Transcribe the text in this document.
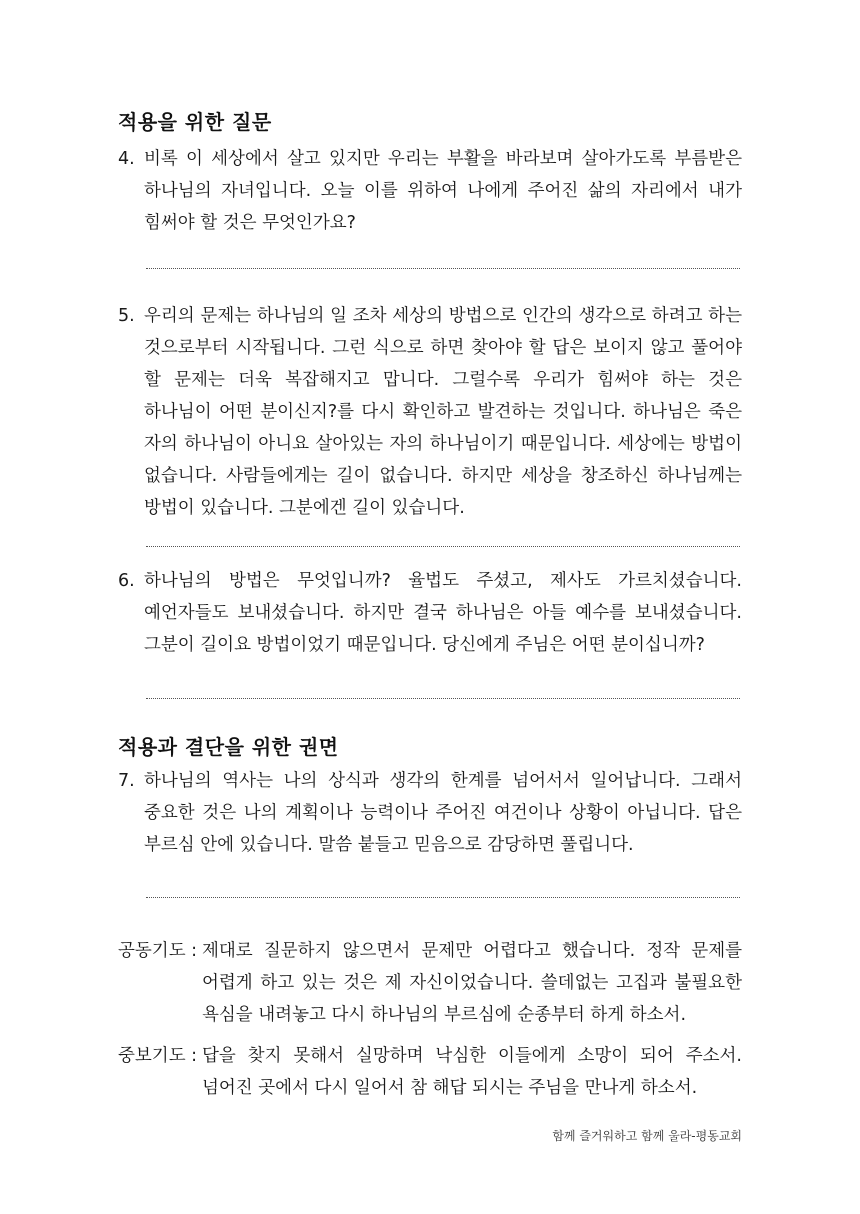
적용을 위한 질문
4. 비록 이 세상에서 살고 있지만 우리는 부활을 바라보며 살아가도록 부름받은 하나님의 자녀입니다. 오늘 이를 위하여 나에게 주어진 삶의 자리에서 내가 힘써야 할 것은 무엇인가요?
5. 우리의 문제는 하나님의 일 조차 세상의 방법으로 인간의 생각으로 하려고 하는 것으로부터 시작됩니다. 그런 식으로 하면 찾아야 할 답은 보이지 않고 풀어야 할 문제는 더욱 복잡해지고 맙니다. 그럴수록 우리가 힘써야 하는 것은 하나님이 어떤 분이신지?를 다시 확인하고 발견하는 것입니다. 하나님은 죽은 자의 하나님이 아니요 살아있는 자의 하나님이기 때문입니다. 세상에는 방법이 없습니다. 사람들에게는 길이 없습니다. 하지만 세상을 창조하신 하나님께는 방법이 있습니다. 그분에겐 길이 있습니다.
6. 하나님의 방법은 무엇입니까? 율법도 주셨고, 제사도 가르치셨습니다. 예언자들도 보내셨습니다. 하지만 결국 하나님은 아들 예수를 보내셨습니다. 그분이 길이요 방법이었기 때문입니다. 당신에게 주님은 어떤 분이십니까?
적용과 결단을 위한 권면
7. 하나님의 역사는 나의 상식과 생각의 한계를 넘어서서 일어납니다. 그래서 중요한 것은 나의 계획이나 능력이나 주어진 여건이나 상황이 아닙니다. 답은 부르심 안에 있습니다. 말씀 붙들고 믿음으로 감당하면 풀립니다.
공동기도 : 제대로 질문하지 않으면서 문제만 어렵다고 했습니다. 정작 문제를 어렵게 하고 있는 것은 제 자신이었습니다. 쓸데없는 고집과 불필요한 욕심을 내려놓고 다시 하나님의 부르심에 순종부터 하게 하소서.
중보기도 : 답을 찾지 못해서 실망하며 낙심한 이들에게 소망이 되어 주소서. 넘어진 곳에서 다시 일어서 참 해답 되시는 주님을 만나게 하소서.
함께 즐거워하고 함께 울라-평동교회
